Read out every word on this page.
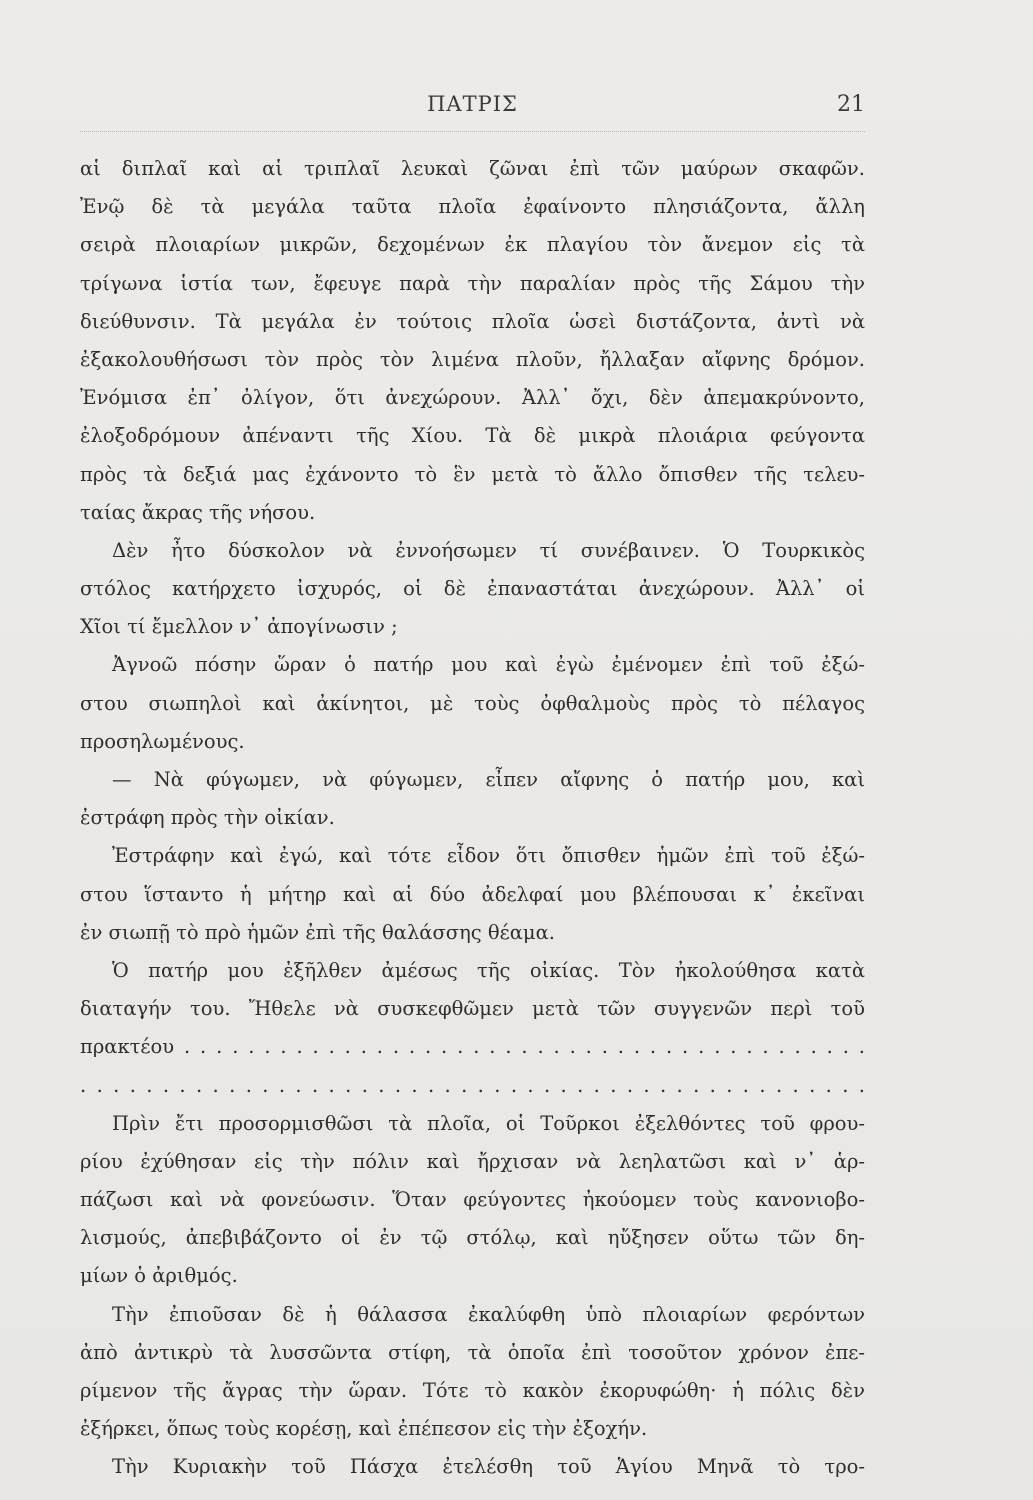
ΠΑΤΡΙΣ	21
αἱ διπλαῖ καὶ αἱ τριπλαῖ λευκαὶ ζῶναι ἐπὶ τῶν μαύρων σκαφῶν.
Ἐνῷ δὲ τὰ μεγάλα ταῦτα πλοῖα ἐφαίνοντο πλησιάζοντα, ἄλλη
σειρὰ πλοιαρίων μικρῶν, δεχομένων ἐκ πλαγίου τὸν ἄνεμον εἰς τὰ
τρίγωνα ἱστία των, ἔφευγε παρὰ τὴν παραλίαν πρὸς τῆς Σάμου τὴν
διεύθυνσιν. Τὰ μεγάλα ἐν τούτοις πλοῖα ὡσεὶ διστάζοντα, ἀντὶ νὰ
ἐξακολουθήσωσι τὸν πρὸς τὸν λιμένα πλοῦν, ἤλλαξαν αἴφνης δρόμον.
Ἐνόμισα ἐπ᾽ ὀλίγον, ὅτι ἀνεχώρουν. Ἀλλ᾽ ὄχι, δὲν ἀπεμακρύνοντο,
ἐλοξοδρόμουν ἀπέναντι τῆς Χίου. Τὰ δὲ μικρὰ πλοιάρια φεύγοντα
πρὸς τὰ δεξιά μας ἐχάνοντο τὸ ἓν μετὰ τὸ ἄλλο ὄπισθεν τῆς τελευ-
ταίας ἄκρας τῆς νήσου.
Δὲν ἦτο δύσκολον νὰ ἐννοήσωμεν τί συνέβαινεν. Ὁ Τουρκικὸς
στόλος κατήρχετο ἰσχυρός, οἱ δὲ ἐπαναστάται ἀνεχώρουν. Ἀλλ᾽ οἱ
Χῖοι τί ἔμελλον ν᾽ ἀπογίνωσιν ;
Ἀγνοῶ πόσην ὥραν ὁ πατήρ μου καὶ ἐγὼ ἐμένομεν ἐπὶ τοῦ ἐξώ-
στου σιωπηλοὶ καὶ ἀκίνητοι, μὲ τοὺς ὀφθαλμοὺς πρὸς τὸ πέλαγος
προσηλωμένους.
— Νὰ φύγωμεν, νὰ φύγωμεν, εἶπεν αἴφνης ὁ πατήρ μου, καὶ
ἐστράφη πρὸς τὴν οἰκίαν.
Ἐστράφην καὶ ἐγώ, καὶ τότε εἶδον ὅτι ὄπισθεν ἡμῶν ἐπὶ τοῦ ἐξώ-
στου ἵσταντο ἡ μήτηρ καὶ αἱ δύο ἀδελφαί μου βλέπουσαι κ᾽ ἐκεῖναι
ἐν σιωπῇ τὸ πρὸ ἡμῶν ἐπὶ τῆς θαλάσσης θέαμα.
Ὁ πατήρ μου ἐξῆλθεν ἀμέσως τῆς οἰκίας. Τὸν ἠκολούθησα κατὰ
διαταγήν του. Ἤθελε νὰ συσκεφθῶμεν μετὰ τῶν συγγενῶν περὶ τοῦ
πρακτέου . . . . . . . . . . . . . . . . . . . . . . . . . . . . . . . . . . . . . . . . . . .
. . . . . . . . . . . . . . . . . . . . . . . . . . . . . . . . . . . . . . . . . . . . . . . .
Πρὶν ἔτι προσορμισθῶσι τὰ πλοῖα, οἱ Τοῦρκοι ἐξελθόντες τοῦ φρου-
ρίου ἐχύθησαν εἰς τὴν πόλιν καὶ ἤρχισαν νὰ λεηλατῶσι καὶ ν᾽ ἁρ-
πάζωσι καὶ νὰ φονεύωσιν. Ὅταν φεύγοντες ἠκούομεν τοὺς κανονιοβο-
λισμούς, ἀπεβιβάζοντο οἱ ἐν τῷ στόλῳ, καὶ ηὔξησεν οὕτω τῶν δη-
μίων ὁ ἀριθμός.
Τὴν ἐπιοῦσαν δὲ ἡ θάλασσα ἐκαλύφθη ὑπὸ πλοιαρίων φερόντων
ἀπὸ ἀντικρὺ τὰ λυσσῶντα στίφη, τὰ ὁποῖα ἐπὶ τοσοῦτον χρόνον ἐπε-
ρίμενον τῆς ἄγρας τὴν ὥραν. Τότε τὸ κακὸν ἐκορυφώθη· ἡ πόλις δὲν
ἐξήρκει, ὅπως τοὺς κορέσῃ, καὶ ἐπέπεσον εἰς τὴν ἐξοχήν.
Τὴν Κυριακὴν τοῦ Πάσχα ἐτελέσθη τοῦ Ἁγίου Μηνᾶ τὸ τρο-
